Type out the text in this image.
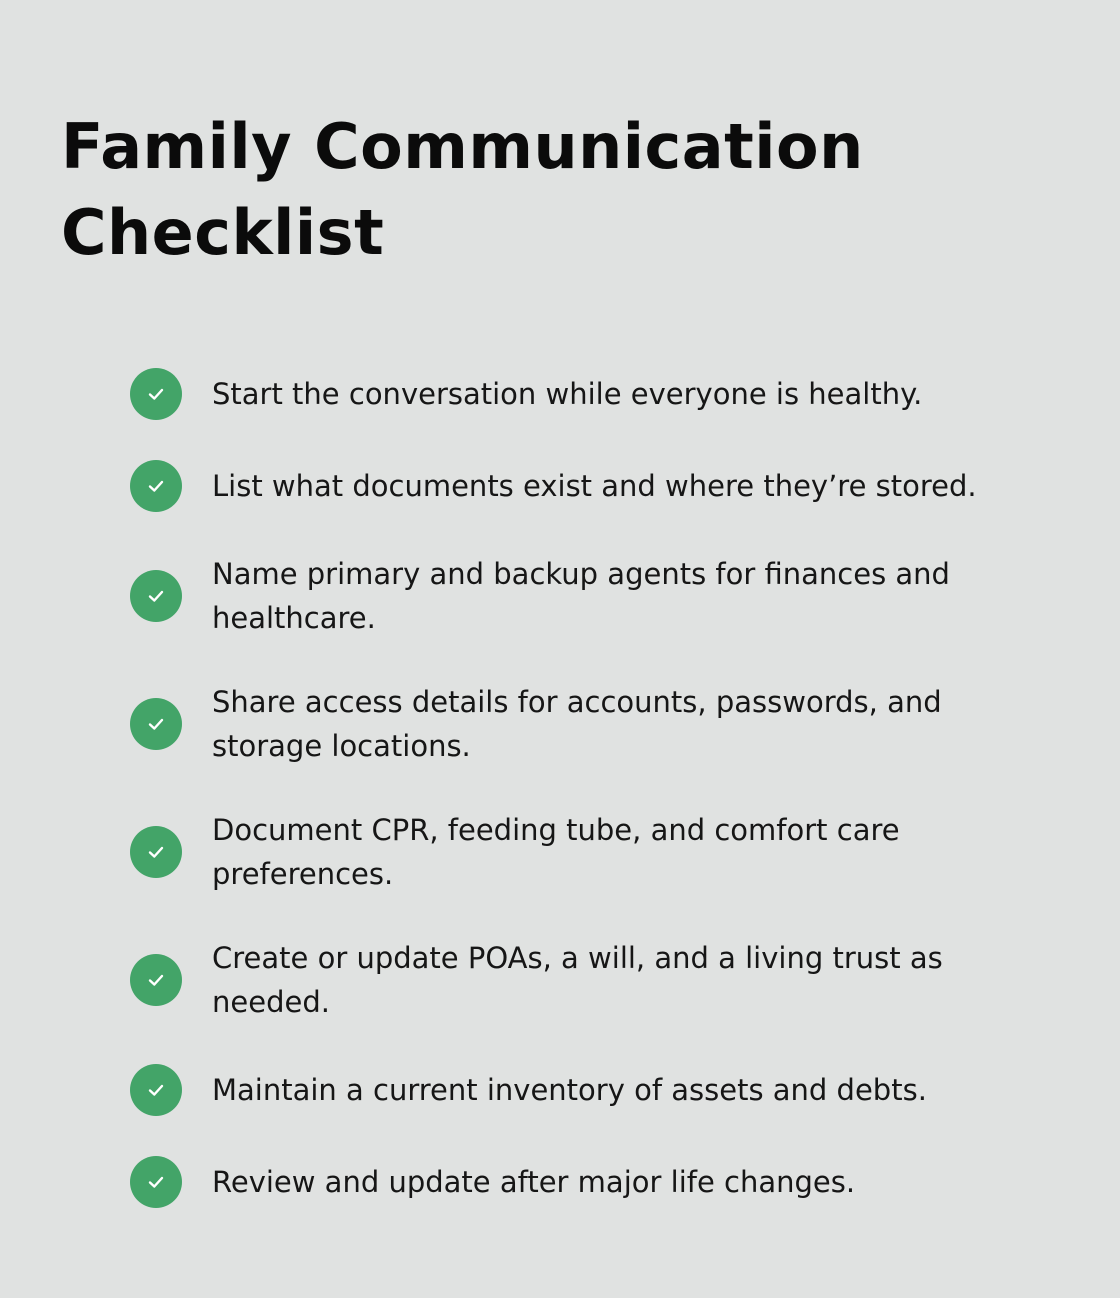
Family Communication Checklist
Start the conversation while everyone is healthy.
List what documents exist and where they’re stored.
Name primary and backup agents for finances and healthcare.
Share access details for accounts, passwords, and storage locations.
Document CPR, feeding tube, and comfort care preferences.
Create or update POAs, a will, and a living trust as needed.
Maintain a current inventory of assets and debts.
Review and update after major life changes.
